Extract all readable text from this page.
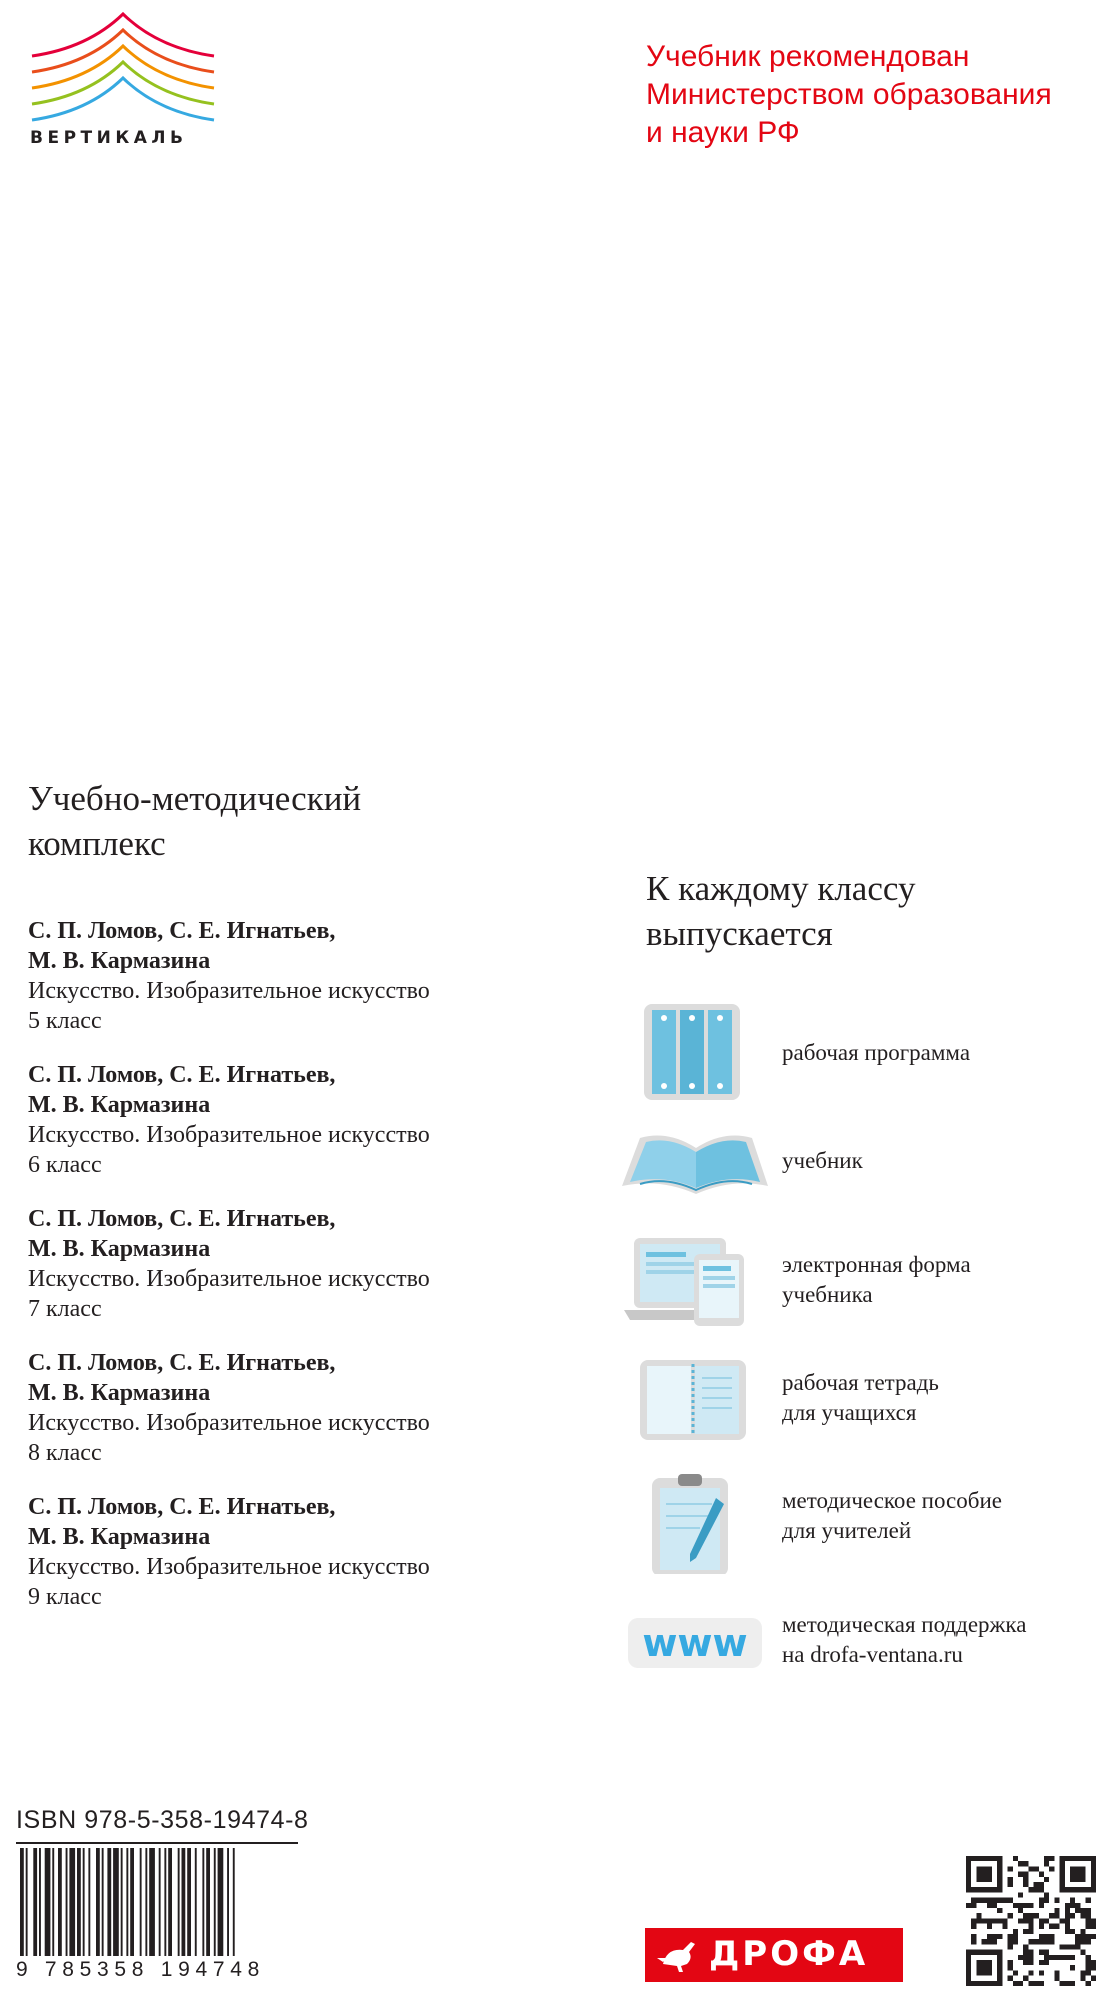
ВЕРТИКАЛЬ
Учебник рекомендован
Министерством образования
и науки РФ
Учебно-методический
комплекс
С. П. Ломов, С. Е. Игнатьев,
М. В. Кармазина
Искусство. Изобразительное искусство
5 класс
С. П. Ломов, С. Е. Игнатьев,
М. В. Кармазина
Искусство. Изобразительное искусство
6 класс
С. П. Ломов, С. Е. Игнатьев,
М. В. Кармазина
Искусство. Изобразительное искусство
7 класс
С. П. Ломов, С. Е. Игнатьев,
М. В. Кармазина
Искусство. Изобразительное искусство
8 класс
С. П. Ломов, С. Е. Игнатьев,
М. В. Кармазина
Искусство. Изобразительное искусство
9 класс
К каждому классу
выпускается
рабочая программа
учебник
электронная форма
учебника
рабочая тетрадь
для учащихся
методическое пособие
для учителей
www методическая поддержка
на drofa-ventana.ru
ISBN 978-5-358-19474-8
9 785358 194748	ДРОФА
